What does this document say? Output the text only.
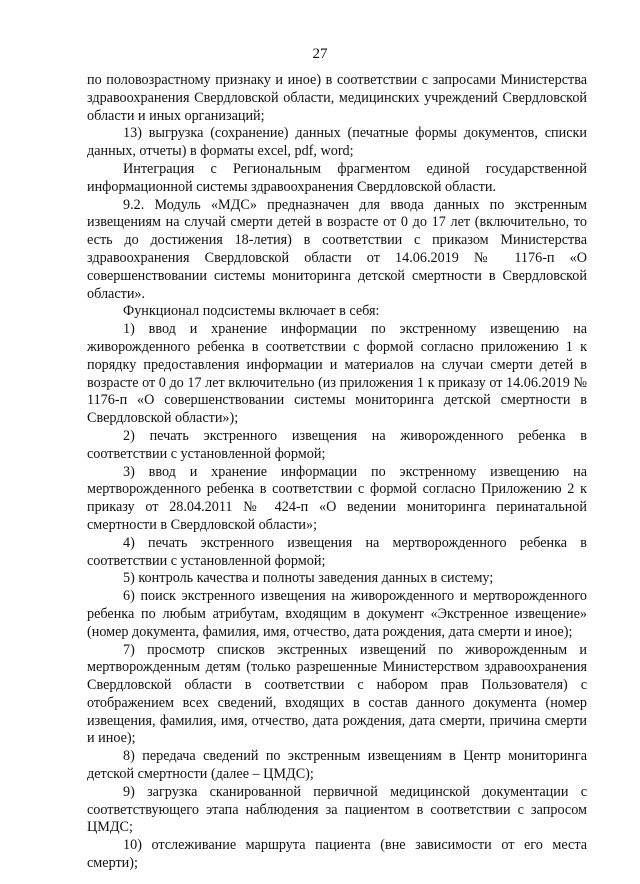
27

по половозрастному признаку и иное) в соответствии с запросами Министерства здравоохранения Свердловской области, медицинских учреждений Свердловской области и иных организаций;

13) выгрузка (сохранение) данных (печатные формы документов, списки данных, отчеты) в форматы excel, pdf, word;

Интеграция с Региональным фрагментом единой государственной информационной системы здравоохранения Свердловской области.

9.2. Модуль «МДС» предназначен для ввода данных по экстренным извещениям на случай смерти детей в возрасте от 0 до 17 лет (включительно, то есть до достижения 18-летия) в соответствии с приказом Министерства здравоохранения Свердловской области от 14.06.2019 № 1176-п «О совершенствовании системы мониторинга детской смертности в Свердловской области».

Функционал подсистемы включает в себя:

1) ввод и хранение информации по экстренному извещению на живорожденного ребенка в соответствии с формой согласно приложению 1 к порядку предоставления информации и материалов на случаи смерти детей в возрасте от 0 до 17 лет включительно (из приложения 1 к приказу от 14.06.2019 № 1176-п «О совершенствовании системы мониторинга детской смертности в Свердловской области»);

2) печать экстренного извещения на живорожденного ребенка в соответствии с установленной формой;

3) ввод и хранение информации по экстренному извещению на мертворожденного ребенка в соответствии с формой согласно Приложению 2 к приказу от 28.04.2011 № 424-п «О ведении мониторинга перинатальной смертности в Свердловской области»;

4) печать экстренного извещения на мертворожденного ребенка в соответствии с установленной формой;

5) контроль качества и полноты заведения данных в систему;

6) поиск экстренного извещения на живорожденного и мертворожденного ребенка по любым атрибутам, входящим в документ «Экстренное извещение» (номер документа, фамилия, имя, отчество, дата рождения, дата смерти и иное);

7) просмотр списков экстренных извещений по живорожденным и мертворожденным детям (только разрешенные Министерством здравоохранения Свердловской области в соответствии с набором прав Пользователя) с отображением всех сведений, входящих в состав данного документа (номер извещения, фамилия, имя, отчество, дата рождения, дата смерти, причина смерти и иное);

8) передача сведений по экстренным извещениям в Центр мониторинга детской смертности (далее – ЦМДС);

9) загрузка сканированной первичной медицинской документации с соответствующего этапа наблюдения за пациентом в соответствии с запросом ЦМДС;

10) отслеживание маршрута пациента (вне зависимости от его места смерти);
